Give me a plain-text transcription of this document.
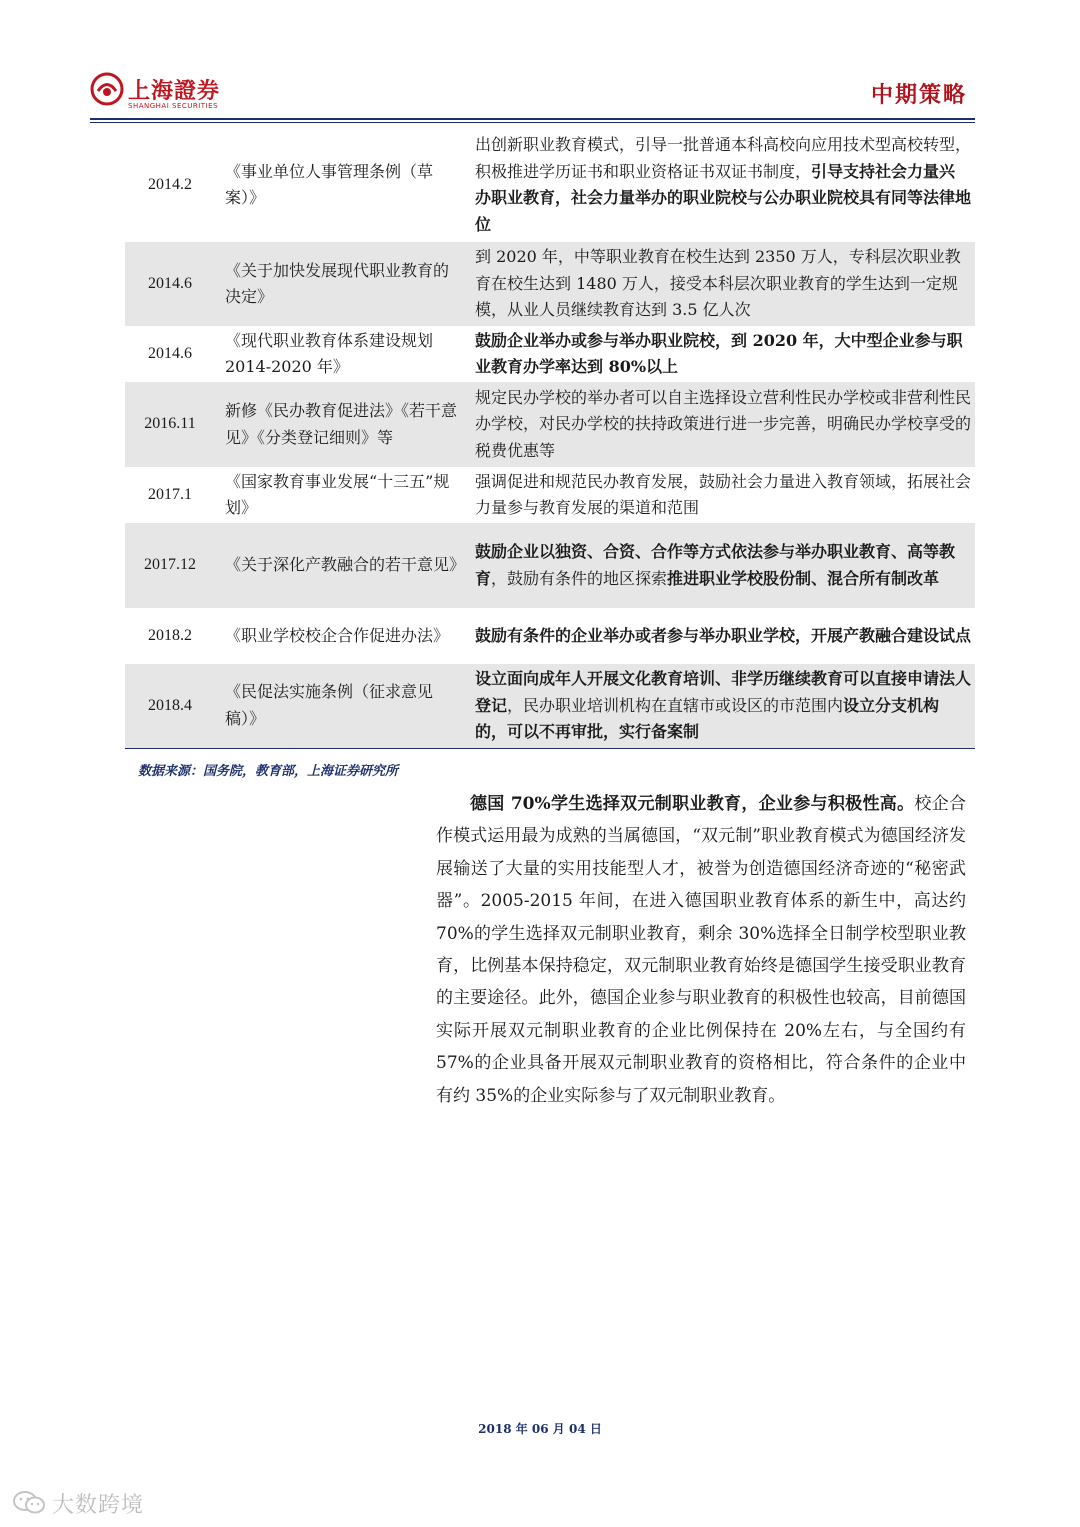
上海證券
SHANGHAI SECURITIES	中期策略
2014.2	《事业单位人事管理条例（草案）》	出创新职业教育模式，引导一批普通本科高校向应用技术型高校转型，积极推进学历证书和职业资格证书双证书制度，引导支持社会力量兴办职业教育，社会力量举办的职业院校与公办职业院校具有同等法律地位
2014.6	《关于加快发展现代职业教育的决定》	到 2020 年，中等职业教育在校生达到 2350 万人，专科层次职业教育在校生达到 1480 万人，接受本科层次职业教育的学生达到一定规模，从业人员继续教育达到 3.5 亿人次
2014.6	《现代职业教育体系建设规划 2014-2020 年》	鼓励企业举办或参与举办职业院校，到 2020 年，大中型企业参与职业教育办学率达到 80%以上
2016.11	新修《民办教育促进法》《若干意见》《分类登记细则》等	规定民办学校的举办者可以自主选择设立营利性民办学校或非营利性民办学校，对民办学校的扶持政策进行进一步完善，明确民办学校享受的税费优惠等
2017.1	《国家教育事业发展“十三五”规划》	强调促进和规范民办教育发展，鼓励社会力量进入教育领域，拓展社会力量参与教育发展的渠道和范围
2017.12	《关于深化产教融合的若干意见》	鼓励企业以独资、合资、合作等方式依法参与举办职业教育、高等教育，鼓励有条件的地区探索推进职业学校股份制、混合所有制改革
2018.2	《职业学校校企合作促进办法》	鼓励有条件的企业举办或者参与举办职业学校，开展产教融合建设试点
2018.4	《民促法实施条例（征求意见稿）》	设立面向成年人开展文化教育培训、非学历继续教育可以直接申请法人登记，民办职业培训机构在直辖市或设区的市范围内设立分支机构的，可以不再审批，实行备案制
数据来源：国务院，教育部，上海证券研究所

德国 70%学生选择双元制职业教育，企业参与积极性高。校企合作模式运用最为成熟的当属德国，“双元制”职业教育模式为德国经济发展输送了大量的实用技能型人才，被誉为创造德国经济奇迹的“秘密武器”。2005-2015 年间，在进入德国职业教育体系的新生中，高达约 70%的学生选择双元制职业教育，剩余 30%选择全日制学校型职业教育，比例基本保持稳定，双元制职业教育始终是德国学生接受职业教育的主要途径。此外，德国企业参与职业教育的积极性也较高，目前德国实际开展双元制职业教育的企业比例保持在 20%左右，与全国约有 57%的企业具备开展双元制职业教育的资格相比，符合条件的企业中有约 35%的企业实际参与了双元制职业教育。

2018 年 06 月 04 日
大数跨境
